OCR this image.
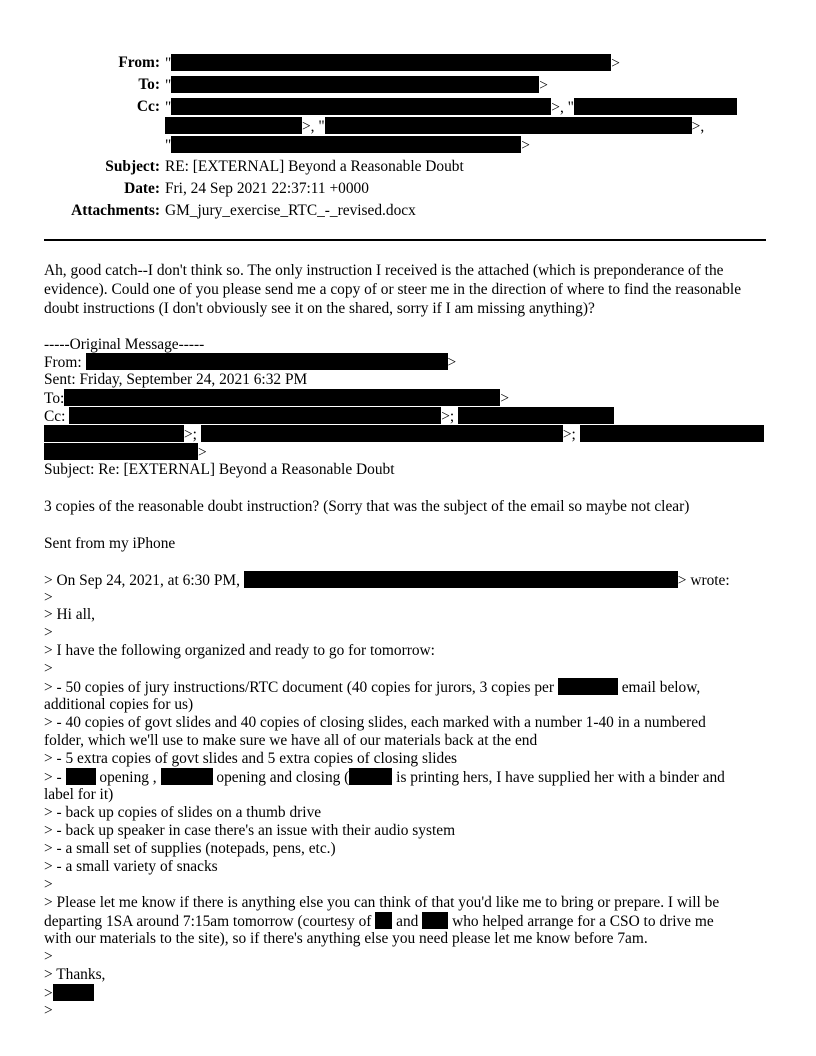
From: "	>
To: "	>
Cc: "	>, "
>, "	>,
"	>
Subject: RE: [EXTERNAL] Beyond a Reasonable Doubt
Date: Fri, 24 Sep 2021 22:37:11 +0000
Attachments: GM_jury_exercise_RTC_-_revised.docx
Ah, good catch--I don't think so. The only instruction I received is the attached (which is preponderance of the
evidence). Could one of you please send me a copy of or steer me in the direction of where to find the reasonable
doubt instructions (I don't obviously see it on the shared, sorry if I am missing anything)?
-----Original Message-----
From:	>
Sent: Friday, September 24, 2021 6:32 PM
To:	>
Cc:	>;
>;	>;
>
Subject: Re: [EXTERNAL] Beyond a Reasonable Doubt
3 copies of the reasonable doubt instruction? (Sorry that was the subject of the email so maybe not clear)
Sent from my iPhone
> On Sep 24, 2021, at 6:30 PM,	> wrote:
>
> Hi all,
>
> I have the following organized and ready to go for tomorrow:
>
> - 50 copies of jury instructions/RTC document (40 copies for jurors, 3 copies per	email below,
additional copies for us)
> - 40 copies of govt slides and 40 copies of closing slides, each marked with a number 1-40 in a numbered
folder, which we'll use to make sure we have all of our materials back at the end
> - 5 extra copies of govt slides and 5 extra copies of closing slides
> - opening ,	opening and closing (	is printing hers, I have supplied her with a binder and
label for it)
> - back up copies of slides on a thumb drive
> - back up speaker in case there's an issue with their audio system
> - a small set of supplies (notepads, pens, etc.)
> - a small variety of snacks
>
> Please let me know if there is anything else you can think of that you'd like me to bring or prepare. I will be
departing 1SA around 7:15am tomorrow (courtesy of and who helped arrange for a CSO to drive me
with our materials to the site), so if there's anything else you need please let me know before 7am.
>
> Thanks,
>
>
